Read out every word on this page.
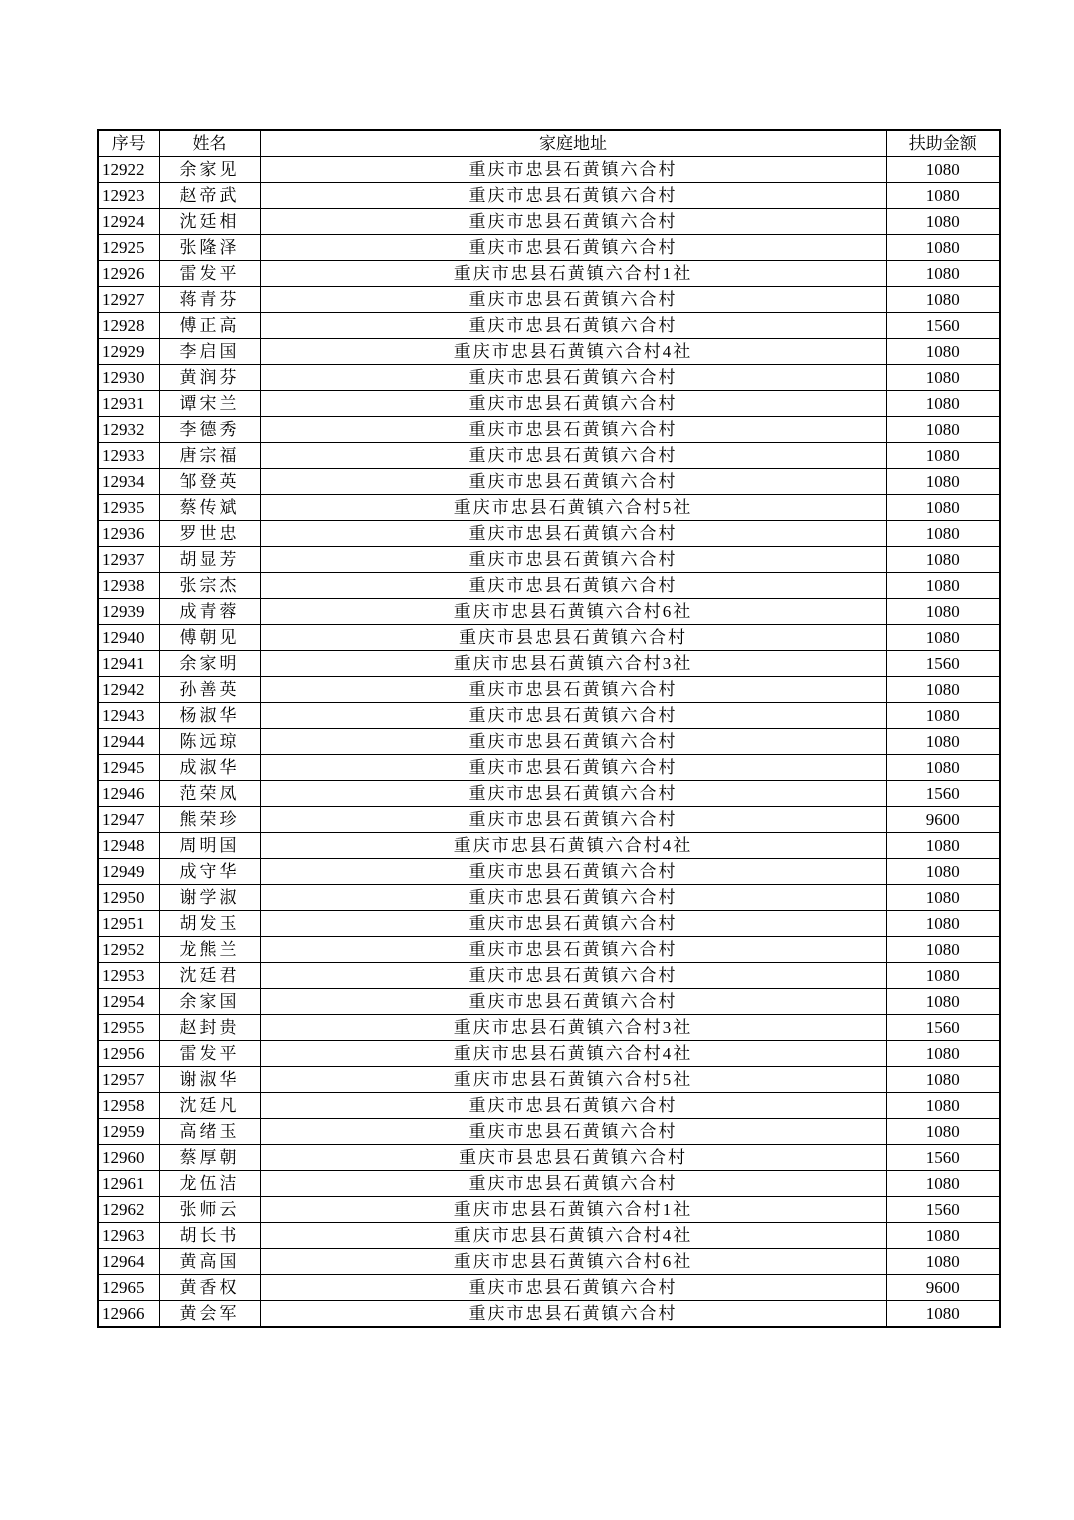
序号	姓名	家庭地址	扶助金额
12922	余家见	重庆市忠县石黄镇六合村	1080
12923	赵帝武	重庆市忠县石黄镇六合村	1080
12924	沈廷相	重庆市忠县石黄镇六合村	1080
12925	张隆泽	重庆市忠县石黄镇六合村	1080
12926	雷发平	重庆市忠县石黄镇六合村1社	1080
12927	蒋青芬	重庆市忠县石黄镇六合村	1080
12928	傅正高	重庆市忠县石黄镇六合村	1560
12929	李启国	重庆市忠县石黄镇六合村4社	1080
12930	黄润芬	重庆市忠县石黄镇六合村	1080
12931	谭宋兰	重庆市忠县石黄镇六合村	1080
12932	李德秀	重庆市忠县石黄镇六合村	1080
12933	唐宗福	重庆市忠县石黄镇六合村	1080
12934	邹登英	重庆市忠县石黄镇六合村	1080
12935	蔡传斌	重庆市忠县石黄镇六合村5社	1080
12936	罗世忠	重庆市忠县石黄镇六合村	1080
12937	胡显芳	重庆市忠县石黄镇六合村	1080
12938	张宗杰	重庆市忠县石黄镇六合村	1080
12939	成青蓉	重庆市忠县石黄镇六合村6社	1080
12940	傅朝见	重庆市县忠县石黄镇六合村	1080
12941	余家明	重庆市忠县石黄镇六合村3社	1560
12942	孙善英	重庆市忠县石黄镇六合村	1080
12943	杨淑华	重庆市忠县石黄镇六合村	1080
12944	陈远琼	重庆市忠县石黄镇六合村	1080
12945	成淑华	重庆市忠县石黄镇六合村	1080
12946	范荣凤	重庆市忠县石黄镇六合村	1560
12947	熊荣珍	重庆市忠县石黄镇六合村	9600
12948	周明国	重庆市忠县石黄镇六合村4社	1080
12949	成守华	重庆市忠县石黄镇六合村	1080
12950	谢学淑	重庆市忠县石黄镇六合村	1080
12951	胡发玉	重庆市忠县石黄镇六合村	1080
12952	龙熊兰	重庆市忠县石黄镇六合村	1080
12953	沈廷君	重庆市忠县石黄镇六合村	1080
12954	余家国	重庆市忠县石黄镇六合村	1080
12955	赵封贵	重庆市忠县石黄镇六合村3社	1560
12956	雷发平	重庆市忠县石黄镇六合村4社	1080
12957	谢淑华	重庆市忠县石黄镇六合村5社	1080
12958	沈廷凡	重庆市忠县石黄镇六合村	1080
12959	高绪玉	重庆市忠县石黄镇六合村	1080
12960	蔡厚朝	重庆市县忠县石黄镇六合村	1560
12961	龙伍洁	重庆市忠县石黄镇六合村	1080
12962	张师云	重庆市忠县石黄镇六合村1社	1560
12963	胡长书	重庆市忠县石黄镇六合村4社	1080
12964	黄高国	重庆市忠县石黄镇六合村6社	1080
12965	黄香权	重庆市忠县石黄镇六合村	9600
12966	黄会军	重庆市忠县石黄镇六合村	1080
